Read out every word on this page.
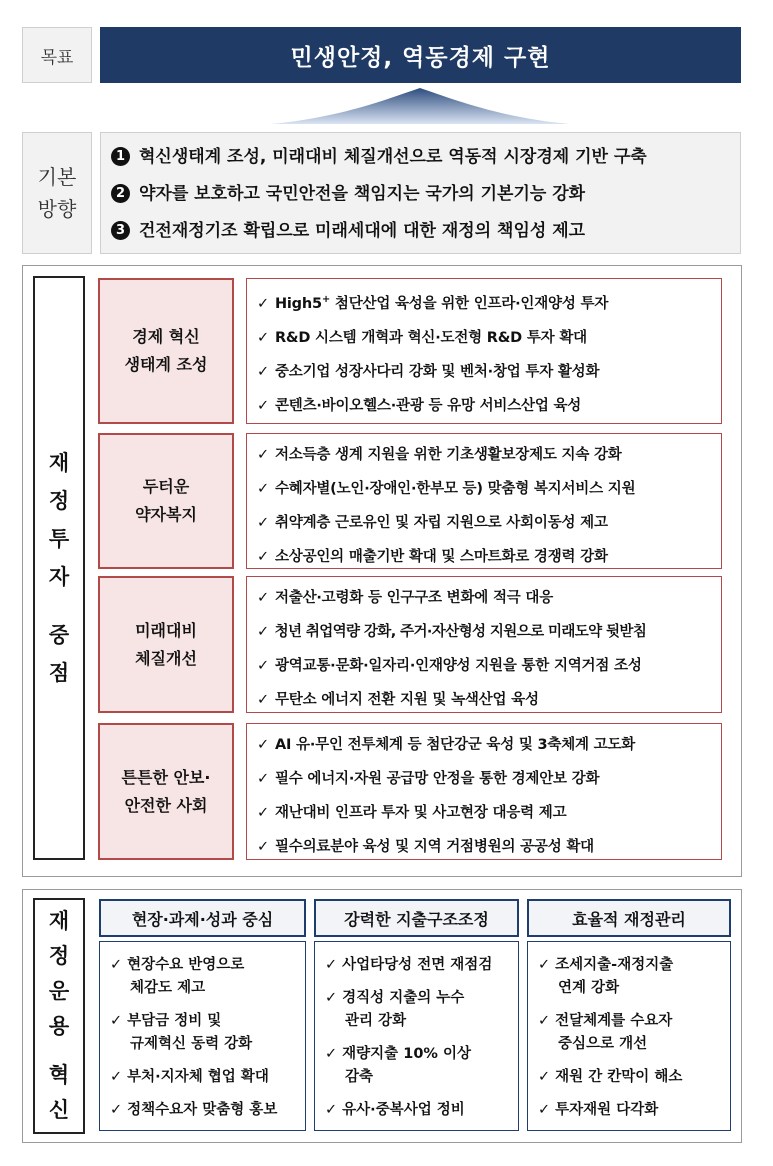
목표	민생안정, 역동경제 구현
기본
방향
1 혁신생태계 조성, 미래대비 체질개선으로 역동적 시장경제 기반 구축
2 약자를 보호하고 국민안전을 책임지는 국가의 기본기능 강화
3 건전재정기조 확립으로 미래세대에 대한 재정의 책임성 제고
재
정
투
자
중
점
경제 혁신
생태계 조성
✓ High5+ 첨단산업 육성을 위한 인프라·인재양성 투자
✓ R&D 시스템 개혁과 혁신·도전형 R&D 투자 확대
✓ 중소기업 성장사다리 강화 및 벤처·창업 투자 활성화
✓ 콘텐츠·바이오헬스·관광 등 유망 서비스산업 육성
두터운
약자복지
✓ 저소득층 생계 지원을 위한 기초생활보장제도 지속 강화
✓ 수혜자별(노인·장애인·한부모 등) 맞춤형 복지서비스 지원
✓ 취약계층 근로유인 및 자립 지원으로 사회이동성 제고
✓ 소상공인의 매출기반 확대 및 스마트화로 경쟁력 강화
미래대비
체질개선
✓ 저출산·고령화 등 인구구조 변화에 적극 대응
✓ 청년 취업역량 강화, 주거·자산형성 지원으로 미래도약 뒷받침
✓ 광역교통·문화·일자리·인재양성 지원을 통한 지역거점 조성
✓ 무탄소 에너지 전환 지원 및 녹색산업 육성
튼튼한 안보·
안전한 사회
✓ AI 유·무인 전투체계 등 첨단강군 육성 및 3축체계 고도화
✓ 필수 에너지·자원 공급망 안정을 통한 경제안보 강화
✓ 재난대비 인프라 투자 및 사고현장 대응력 제고
✓ 필수의료분야 육성 및 지역 거점병원의 공공성 확대
재
정
운
용
혁
신
현장·과제·성과 중심
✓ 현장수요 반영으로
체감도 제고
✓ 부담금 정비 및
규제혁신 동력 강화
✓ 부처·지자체 협업 확대
✓ 정책수요자 맞춤형 홍보
강력한 지출구조조정
✓ 사업타당성 전면 재점검
✓ 경직성 지출의 누수
관리 강화
✓ 재량지출 10% 이상
감축
✓ 유사·중복사업 정비
효율적 재정관리
✓ 조세지출-재정지출
연계 강화
✓ 전달체계를 수요자
중심으로 개선
✓ 재원 간 칸막이 해소
✓ 투자재원 다각화
